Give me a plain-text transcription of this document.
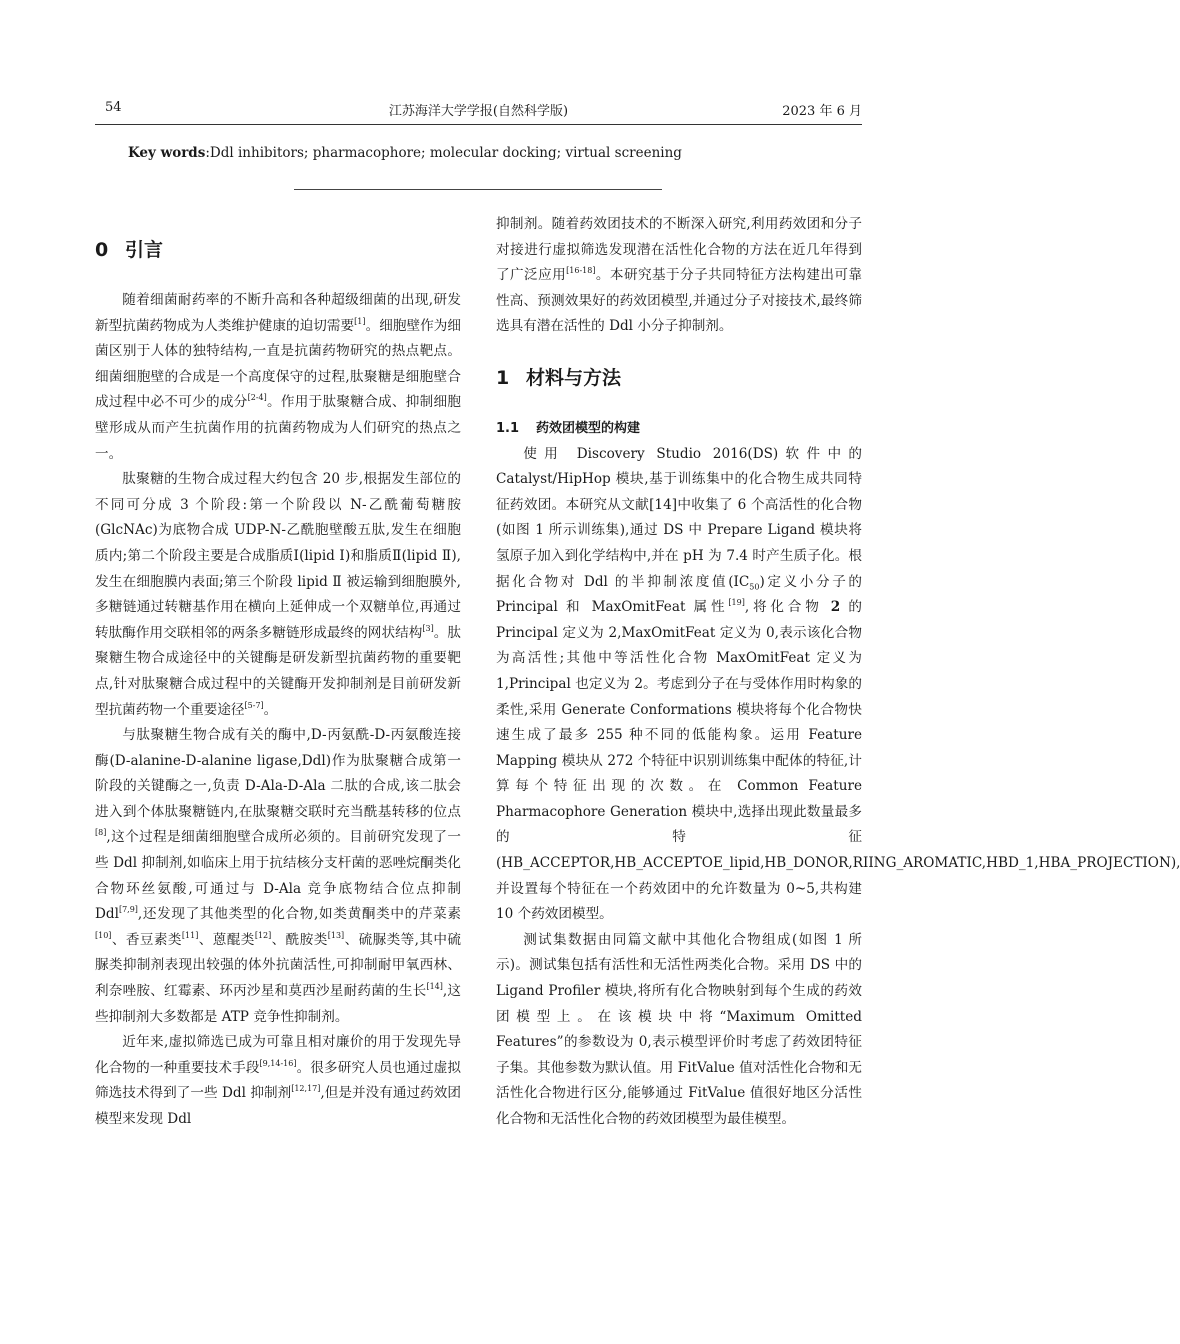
54	江苏海洋大学学报(自然科学版)	2023 年 6 月
Key words:Ddl inhibitors; pharmacophore; molecular docking; virtual screening
0 引言

随着细菌耐药率的不断升高和各种超级细菌的出现,研发新型抗菌药物成为人类维护健康的迫切需要[1]。细胞壁作为细菌区别于人体的独特结构,一直是抗菌药物研究的热点靶点。细菌细胞壁的合成是一个高度保守的过程,肽聚糖是细胞壁合成过程中必不可少的成分[2-4]。作用于肽聚糖合成、抑制细胞壁形成从而产生抗菌作用的抗菌药物成为人们研究的热点之一。

肽聚糖的生物合成过程大约包含 20 步,根据发生部位的不同可分成 3 个阶段:第一个阶段以 N-乙酰葡萄糖胺 (GlcNAc)为底物合成 UDP-N-乙酰胞壁酸五肽,发生在细胞质内;第二个阶段主要是合成脂质Ⅰ(lipid Ⅰ)和脂质Ⅱ(lipid Ⅱ),发生在细胞膜内表面;第三个阶段 lipid Ⅱ 被运输到细胞膜外,多糖链通过转糖基作用在横向上延伸成一个双糖单位,再通过转肽酶作用交联相邻的两条多糖链形成最终的网状结构[3]。肽聚糖生物合成途径中的关键酶是研发新型抗菌药物的重要靶点,针对肽聚糖合成过程中的关键酶开发抑制剂是目前研发新型抗菌药物一个重要途径[5-7]。

与肽聚糖生物合成有关的酶中,D-丙氨酰-D-丙氨酸连接酶(D-alanine-D-alanine ligase,Ddl)作为肽聚糖合成第一阶段的关键酶之一,负责 D-Ala-D-Ala 二肽的合成,该二肽会进入到个体肽聚糖链内,在肽聚糖交联时充当酰基转移的位点[8],这个过程是细菌细胞壁合成所必须的。目前研究发现了一些 Ddl 抑制剂,如临床上用于抗结核分支杆菌的恶唑烷酮类化合物环丝氨酸,可通过与 D-Ala 竞争底物结合位点抑制 Ddl[7,9],还发现了其他类型的化合物,如类黄酮类中的芹菜素[10]、香豆素类[11]、蒽醌类[12]、酰胺类[13]、硫脲类等,其中硫脲类抑制剂表现出较强的体外抗菌活性,可抑制耐甲氧西林、利奈唑胺、红霉素、环丙沙星和莫西沙星耐药菌的生长[14],这些抑制剂大多数都是 ATP 竞争性抑制剂。

近年来,虚拟筛选已成为可靠且相对廉价的用于发现先导化合物的一种重要技术手段[9,14-16]。很多研究人员也通过虚拟筛选技术得到了一些 Ddl 抑制剂[12,17],但是并没有通过药效团模型来发现 Ddl

抑制剂。随着药效团技术的不断深入研究,利用药效团和分子对接进行虚拟筛选发现潜在活性化合物的方法在近几年得到了广泛应用[16-18]。本研究基于分子共同特征方法构建出可靠性高、预测效果好的药效团模型,并通过分子对接技术,最终筛选具有潜在活性的 Ddl 小分子抑制剂。

1 材料与方法
1.1 药效团模型的构建

使用 Discovery Studio 2016(DS)软件中的 Catalyst/HipHop 模块,基于训练集中的化合物生成共同特征药效团。本研究从文献[14]中收集了 6 个高活性的化合物(如图 1 所示训练集),通过 DS 中 Prepare Ligand 模块将氢原子加入到化学结构中,并在 pH 为 7.4 时产生质子化。根据化合物对 Ddl 的半抑制浓度值$(IC_{50})$定义小分子的 Principal 和 MaxOmitFeat 属性[19],将化合物 2 的 Principal 定义为 2,MaxOmitFeat 定义为 0,表示该化合物为高活性;其他中等活性化合物 MaxOmitFeat 定义为 1,Principal 也定义为 2。考虑到分子在与受体作用时构象的柔性,采用 Generate Conformations 模块将每个化合物快速生成了最多 255 种不同的低能构象。运用 Feature Mapping 模块从 272 个特征中识别训练集中配体的特征,计算每个特征出现的次数。在 Common Feature Pharmacophore Generation 模块中,选择出现此数量最多的特征(HB_ACCEPTOR,HB_ACCEPTOE_lipid,HB_DONOR,RIING_AROMATIC,HBD_1,HBA_PROJECTION),并设置每个特征在一个药效团中的允许数量为 0~5,共构建 10 个药效团模型。

测试集数据由同篇文献中其他化合物组成(如图 1 所示)。测试集包括有活性和无活性两类化合物。采用 DS 中的 Ligand Profiler 模块,将所有化合物映射到每个生成的药效团模型上。在该模块中将“Maximum Omitted Features”的参数设为 0,表示模型评价时考虑了药效团特征子集。其他参数为默认值。用 FitValue 值对活性化合物和无活性化合物进行区分,能够通过 FitValue 值很好地区分活性化合物和无活性化合物的药效团模型为最佳模型。
